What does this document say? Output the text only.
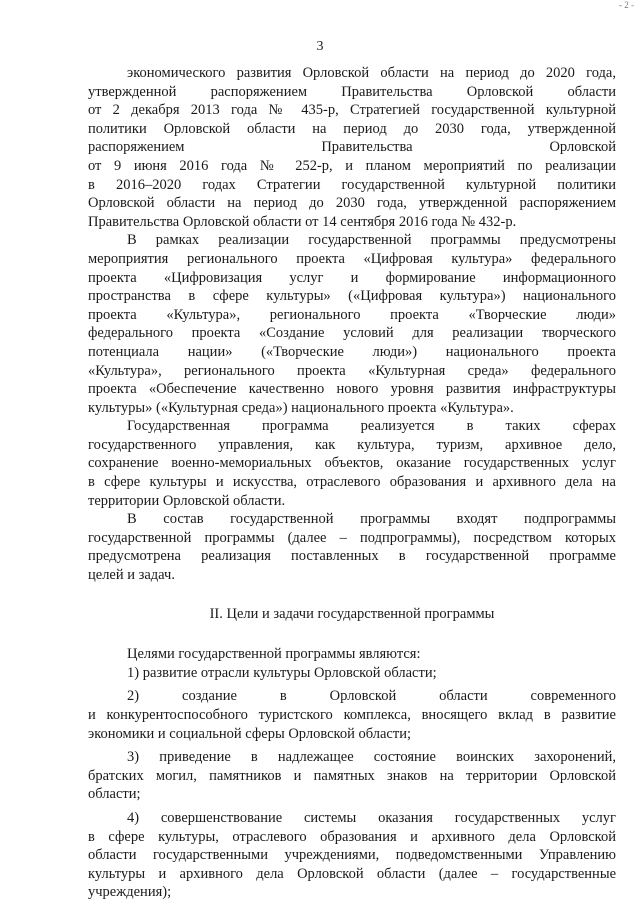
- 2 -
3
экономического развития Орловской области на период до 2020 года,
утвержденной распоряжением Правительства Орловской области
от 2 декабря 2013 года № 435-р, Стратегией государственной культурной
политики Орловской области на период до 2030 года, утвержденной
распоряжением Правительства Орловской
от 9 июня 2016 года № 252-р, и планом мероприятий по реализации
в 2016–2020 годах Стратегии государственной культурной политики
Орловской области на период до 2030 года, утвержденной распоряжением
Правительства Орловской области от 14 сентября 2016 года № 432-р.
В рамках реализации государственной программы предусмотрены
мероприятия регионального проекта «Цифровая культура» федерального
проекта «Цифровизация услуг и формирование информационного
пространства в сфере культуры» («Цифровая культура») национального
проекта «Культура», регионального проекта «Творческие люди»
федерального проекта «Создание условий для реализации творческого
потенциала нации» («Творческие люди») национального проекта
«Культура», регионального проекта «Культурная среда» федерального
проекта «Обеспечение качественно нового уровня развития инфраструктуры
культуры» («Культурная среда») национального проекта «Культура».
Государственная программа реализуется в таких сферах
государственного управления, как культура, туризм, архивное дело,
сохранение военно-мемориальных объектов, оказание государственных услуг
в сфере культуры и искусства, отраслевого образования и архивного дела на
территории Орловской области.
В состав государственной программы входят подпрограммы
государственной программы (далее – подпрограммы), посредством которых
предусмотрена реализация поставленных в государственной программе
целей и задач.
II. Цели и задачи государственной программы
Целями государственной программы являются:
1) развитие отрасли культуры Орловской области;
2) создание в Орловской области современного
и конкурентоспособного туристского комплекса, вносящего вклад в развитие
экономики и социальной сферы Орловской области;
3) приведение в надлежащее состояние воинских захоронений,
братских могил, памятников и памятных знаков на территории Орловской
области;
4) совершенствование системы оказания государственных услуг
в сфере культуры, отраслевого образования и архивного дела Орловской
области государственными учреждениями, подведомственными Управлению
культуры и архивного дела Орловской области (далее – государственные
учреждения);
